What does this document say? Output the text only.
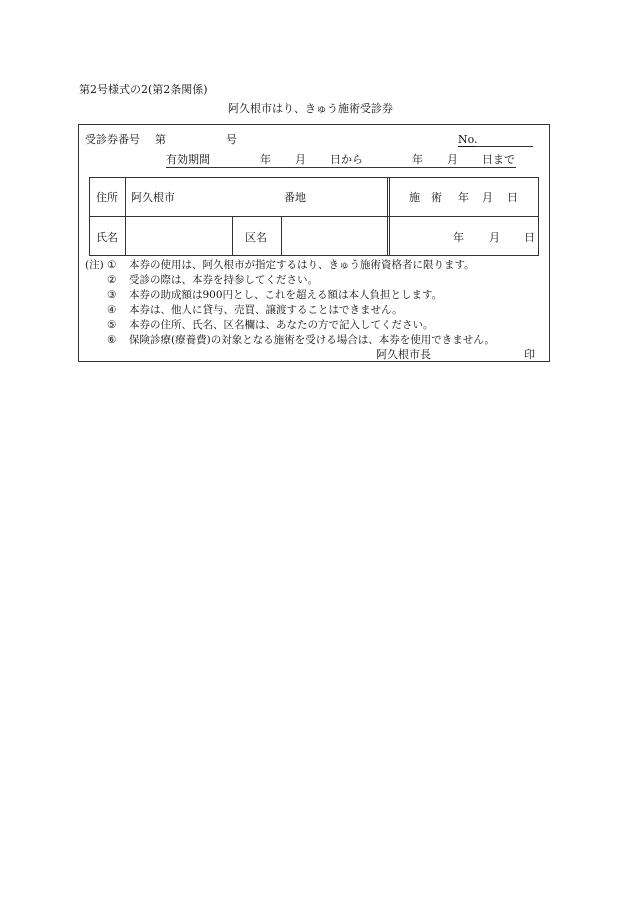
第2号様式の2(第2条関係)
阿久根市はり、きゅう施術受診券
受診券番号 第	号	No.
有効期間	年 月 日から	年 月 日まで
住所 阿久根市	番地	施　術 年 月 日
氏名	区名	年 月 日
(注) ① 本券の使用は、阿久根市が指定するはり、きゅう施術資格者に限ります。
② 受診の際は、本券を持参してください。
③ 本券の助成額は900円とし、これを超える額は本人負担とします。
④ 本券は、他人に貸与、売買、譲渡することはできません。
⑤ 本券の住所、氏名、区名欄は、あなたの方で記入してください。
⑥ 保険診療(療養費)の対象となる施術を受ける場合は、本券を使用できません。
阿久根市長	印
